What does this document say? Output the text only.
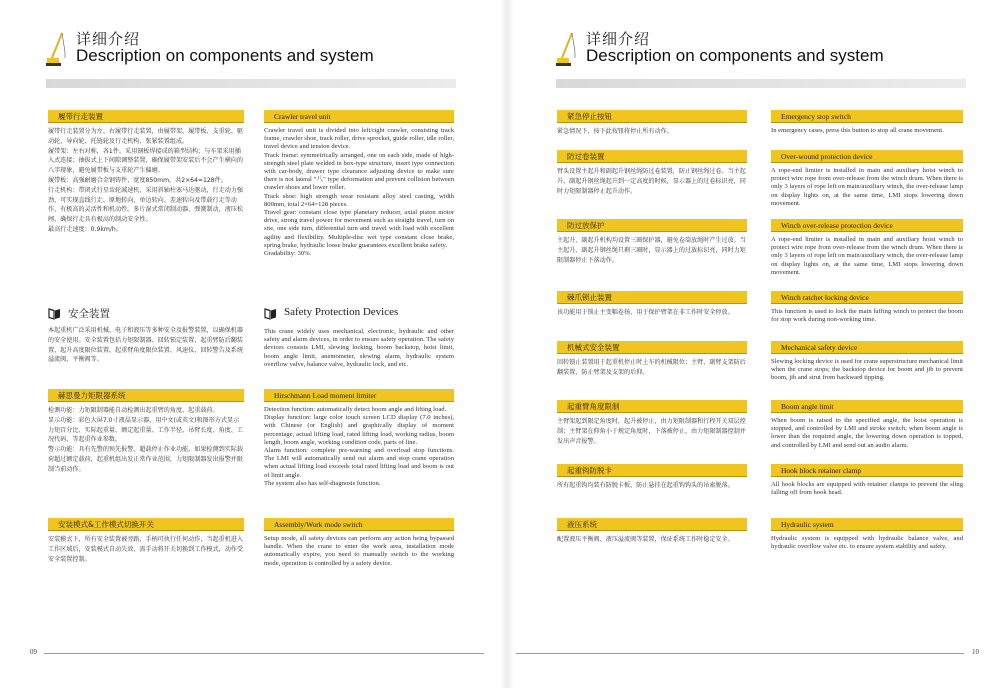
详细介绍
Description on components and system
履带行走装置
履带行走装置分为左、右履带行走装置，由履带架、履带板、支重轮、驱动轮、导向轮、托链轮及行走机构、张紧装置组成。
履带架：左右对称，各1件。采用钢板焊接成的箱型结构；与车架采用插入式连接；抽拔式上下间隙调整装置，确保履带架安装后不会产生横向的八字现象，避免履带板与支重轮产生偏磨。
履带板：高强耐磨合金钢铸件，宽度850mm，共2×64=128件。
行走机构：带闭式行星齿轮减速机、采用斜轴柱塞马达驱动，行走动力强劲，可实现直线行走、原地转向、单边转向、差速转向及带载行走等动作，有极高的灵活性和机动性。多片湿式常闭制动器，弹簧制动，液压松闸，确保行走具有极高的制动安全性。
最高行走速度：0.9km/h。
Crawler travel unit
Crawler travel unit is divided into left/right crawler, consisting track frame, crawler shoe, track roller, drive sprocket, guide roller, idle roller, travel device and tension device.
Track frame: symmetrically arranged, one on each side, made of high-strength steel plate welded in box-type structure, insert type connection with car-body, drawer type clearance adjusting device to make sure there is not lateral "八" type deformation and prevent collision between crawler shoes and lower roller.
Track shoe: high strength wear resistant alloy steel casting, width 800mm, total 2×64=128 pieces.
Travel gear: constant close type planetary reducer, axial piston motor drive, strong travel power for movement such as straight travel, turn on site, one side turn, differential turn and travel with load with excellent agility and flexibility. Multiple-disc wet type constant close brake, spring brake, hydraulic loose brake guarantees excellent brake safety.
Gradability: 30%.
安全装置
本起重机广泛采用机械、电子和液压等多种安全及报警装置，以确保机器的安全使用。安全装置包括力矩限制器、回转锁定装置、起重臂防后翻装置、起升高度限位装置、起重臂角度限位装置、风速仪、回转警告及系统溢流阀、平衡阀等。
Safety Protection Devices
This crane widely uses mechanical, electronic, hydraulic and other safety and alarm devices, in order to ensure safety operation. The safety devices consists LMI, slewing locking, boom backstop, hoist limit, boom angle limit, anemometer, slewing alarm, hydraulic system overflow valve, balance valve, hydraulic lock, and etc.
赫思曼力矩限器系统
检测功能：力矩限制器能自动检测出起重臂的角度、起重载荷。
显示功能：彩色大屏7.0寸液晶显示器，用中文(或英文)和图形方式显示力矩百分比、实际起重量、额定起重量、工作半径、吊臂长度、角度、工况代码、等起重作业参数。
警示功能：具有先警的预先报警、超载停止作业功能。如果检测到实际载荷超过额定载荷，起重机组出发正常作业范围，力矩限制器发出报警并限制当前动作。
Hirschmann Load moment limiter
Detection function: automatically detect boom angle and lifting load.
Display function: large color touch screen LCD display (7.0 inches), with Chinese (or English) and graphically display of moment percentage, actual lifting load, rated lifting load, working radius, boom length, boom angle, working condition code, parts of line.
Alarm function: complete pre-warning and overload stop functions. The LMI will automatically send out alarm and stop crane operation when actual lifting load exceeds total rated lifting load and boom is out of limit angle.
The system also has self-diagnosis function.
安装模式&工作模式切换开关
安装模式下，所有安全装置被旁路，手柄可执行任何动作，当起重机进入工作区域后，安装模式自动失效，需手动将开关切换到工作模式，动作受安全装置控制。
Assembly/Work mode switch
Setup mode, all safety devices can perform any action being bypassed handle. When the crane to enter the work area, installation mode automatically expire, you need to manually switch to the working mode, operation is controlled by a safety device.
09
详细介绍
Description on components and system
紧急停止按钮
紧急情况下，按下此按钮将停止所有动作。
Emergency stop switch
In emergency cases, press this button to stop all crane movement.
防过卷装置
臂头设置主起升和副起升钢丝绳防过卷装置，防止钢丝绳过卷。当主起升、副起升钢丝绳起升到一定高度的时候，显示器上的过卷标识亮，同时力矩限制器停止起升动作。
Over-wound protection device
A rope-end limiter is installed in main and auxiliary hoist winch to protect wire rope from over-release from the winch drum. When there is only 3 layers of rope left on main/auxiliary winch, the over-release lamp on display lights on, at the same time, LMI stops lowering down movement.
防过放保护
主起升、副起升机构均设置三圈保护器，避免卷筒放绳时产生过放。当主起升、副起升钢丝绳只剩三圈时，显示器上的过放标识亮，同时力矩限制器停止下落动作。
Winch over-release protection device
A rope-end limiter is installed in main and auxiliary hoist winch to protect wire rope from over-release from the winch drum. When there is only 3 layers of rope left on main/auxiliary winch, the over-release lamp on display lights on, at the same time, LMI stops lowering down movement.
棘爪锁止装置
该功能用于锁止主变幅卷扬，用于保护臂架在非工作时安全停放。
Winch ratchet locking device
This function is used to lock the main luffing winch to protect the boom for stop work during non-working time.
机械式安全装置
回转锁止装置用于起重机停止时上车的机械限位；主臂、副臂支架防后翻装置，防止臂架及支架的后仰。
Mechanical safety device
Slewing locking device is used for crane superstructure mechanical limit when the crane stops; the backstop device for boom and jib to prevent boom, jib and strut from backward tipping.
起重臂角度限制
主臂架起到限定角度时，起升被停止，由力矩限制器和行程开关双层控制；主臂架在仰角小于规定角度时，下落被停止，由力矩限制器控制并发出声音报警。
Boom angle limit
When boom is raised to the specified angle, the hoist operation is stopped, and controlled by LMI and stroke switch; when boom angle is lower than the required angle, the lowering down operation is topped, and controlled by LMI and send out an audio alarm.
起重钩防脱卡
所有起重钩均装有防脱卡板，防止悬挂在起重钩钩头的吊索脱落。
Hook block retainer clamp
All hook blocks are equipped with retainer clamps to prevent the sling falling off from hook head.
液压系统
配置液压平衡阀、液压溢流阀等装置，保证系统工作时稳定安全。
Hydraulic system
Hydraulic system is equipped with hydraulic balance valve, and hydraulic overflow valve etc. to ensure system stability and safety.
10
